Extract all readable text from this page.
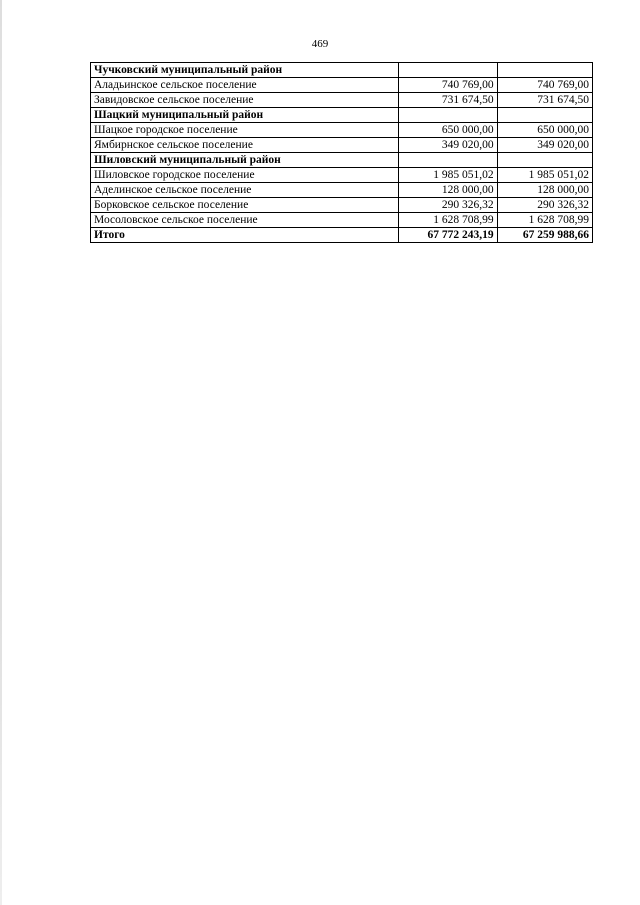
469
Чучковский муниципальный район		
Аладьинское сельское поселение	740 769,00	740 769,00
Завидовское сельское поселение	731 674,50	731 674,50
Шацкий муниципальный район		
Шацкое городское поселение	650 000,00	650 000,00
Ямбирнское сельское поселение	349 020,00	349 020,00
Шиловский муниципальный район		
Шиловское городское поселение	1 985 051,02	1 985 051,02
Аделинское сельское поселение	128 000,00	128 000,00
Борковское сельское поселение	290 326,32	290 326,32
Мосоловское сельское поселение	1 628 708,99	1 628 708,99
Итого	67 772 243,19	67 259 988,66
